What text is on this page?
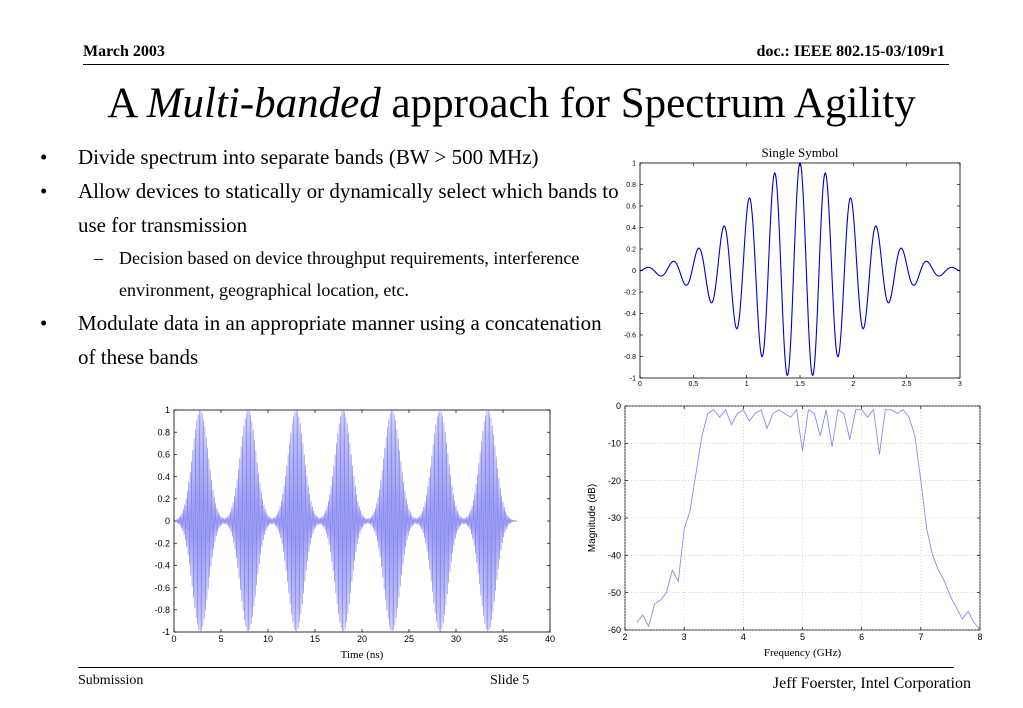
March 2003	doc.: IEEE 802.15-03/109r1
A Multi-banded approach for Spectrum Agility
• Divide spectrum into separate bands (BW > 500 MHz)
• Allow devices to statically or dynamically select which bands to use for transmission
– Decision based on device throughput requirements, interference environment, geographical location, etc.
• Modulate data in an appropriate manner using a concatenation of these bands
0	0.5	1	1.5	2	2.5	3
1
0.8
0.6
0.4
0.2
0
-0.2
-0.4
-0.6
-0.8
-1
Single Symbol
0	5	10	15	20	25	30	35	40
1
0.8
0.6
0.4
0.2
0
-0.2
-0.4
-0.6
-0.8
-1
Time (ns)
2	3	4	5	6	7	8
0
-10
-20
-30
-40
-50
-60
Frequency (GHz)
Magnitude (dB)
Submission	Slide 5	Jeff Foerster, Intel Corporation
